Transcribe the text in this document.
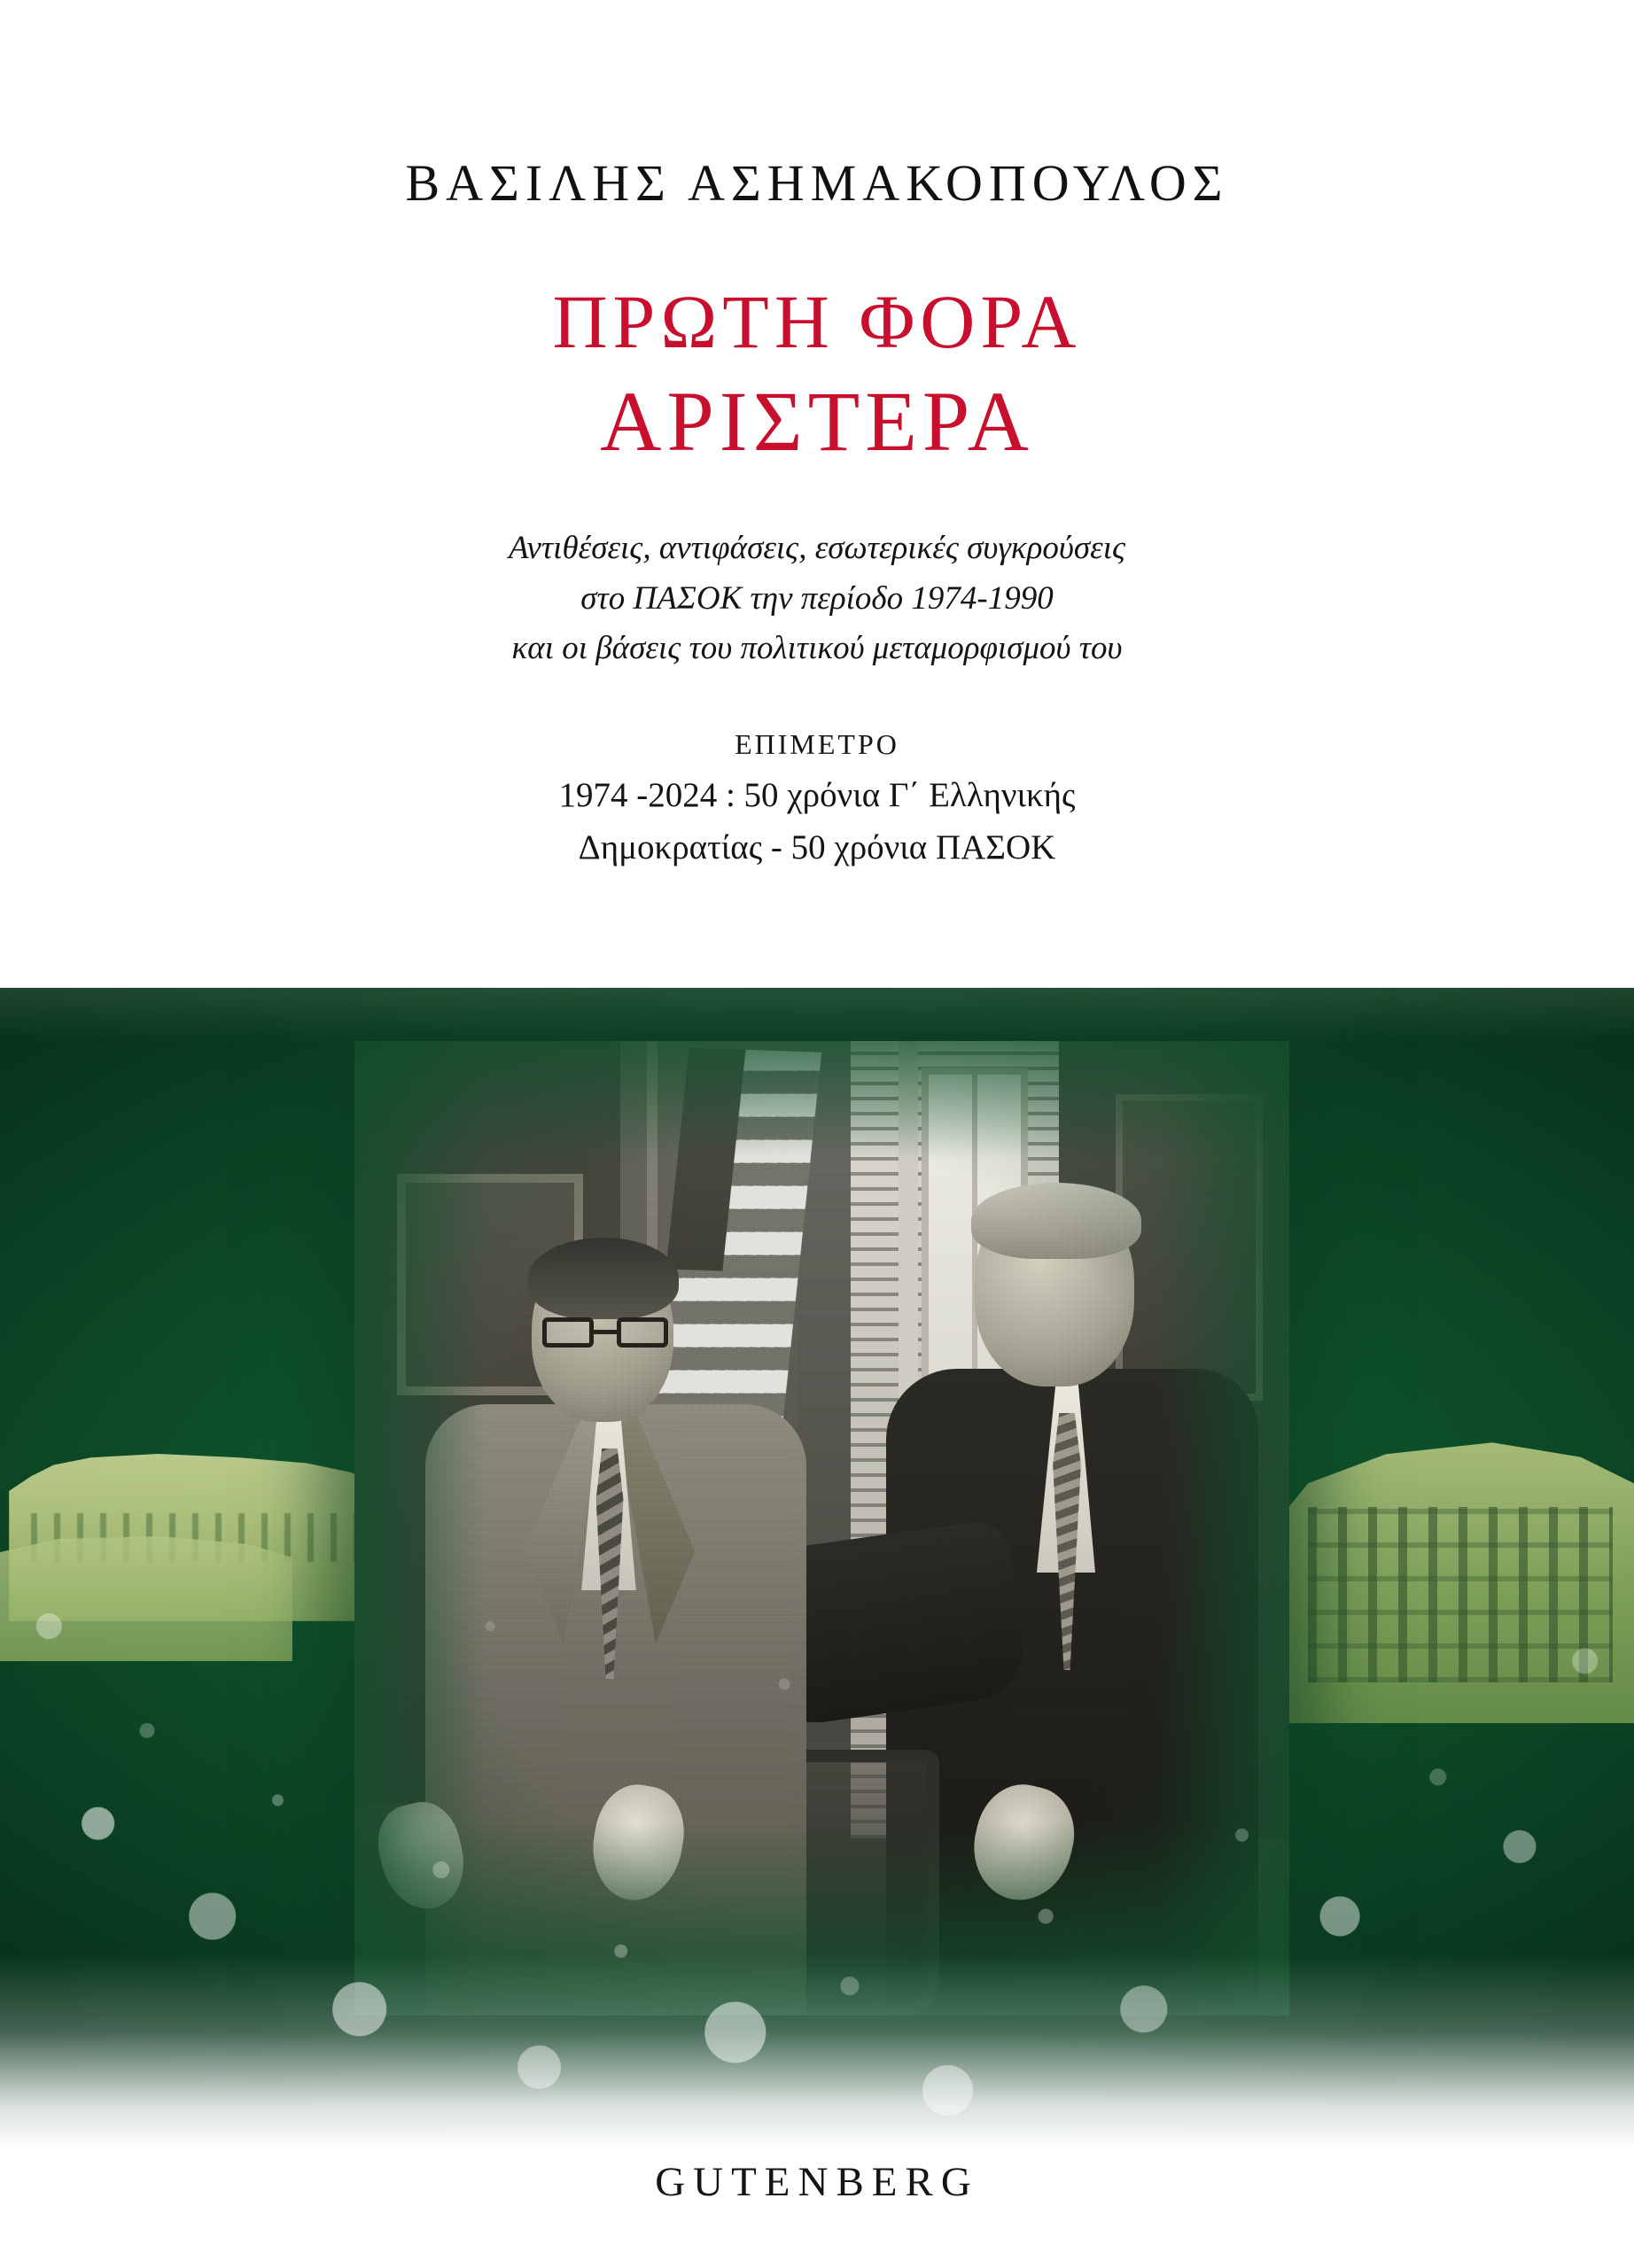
ΒΑΣΙΛΗΣ ΑΣΗΜΑΚΟΠΟΥΛΟΣ
ΠΡΩΤΗ ΦΟΡΑ
ΑΡΙΣΤΕΡΑ
Αντιθέσεις, αντιφάσεις, εσωτερικές συγκρούσεις
στο ΠΑΣΟΚ την περίοδο 1974-1990
και οι βάσεις του πολιτικού μεταμορφισμού του
ΕΠΙΜΕΤΡΟ
1974 -2024 : 50 χρόνια Γ΄ Ελληνικής
Δημοκρατίας - 50 χρόνια ΠΑΣΟΚ
GUTENBERG
